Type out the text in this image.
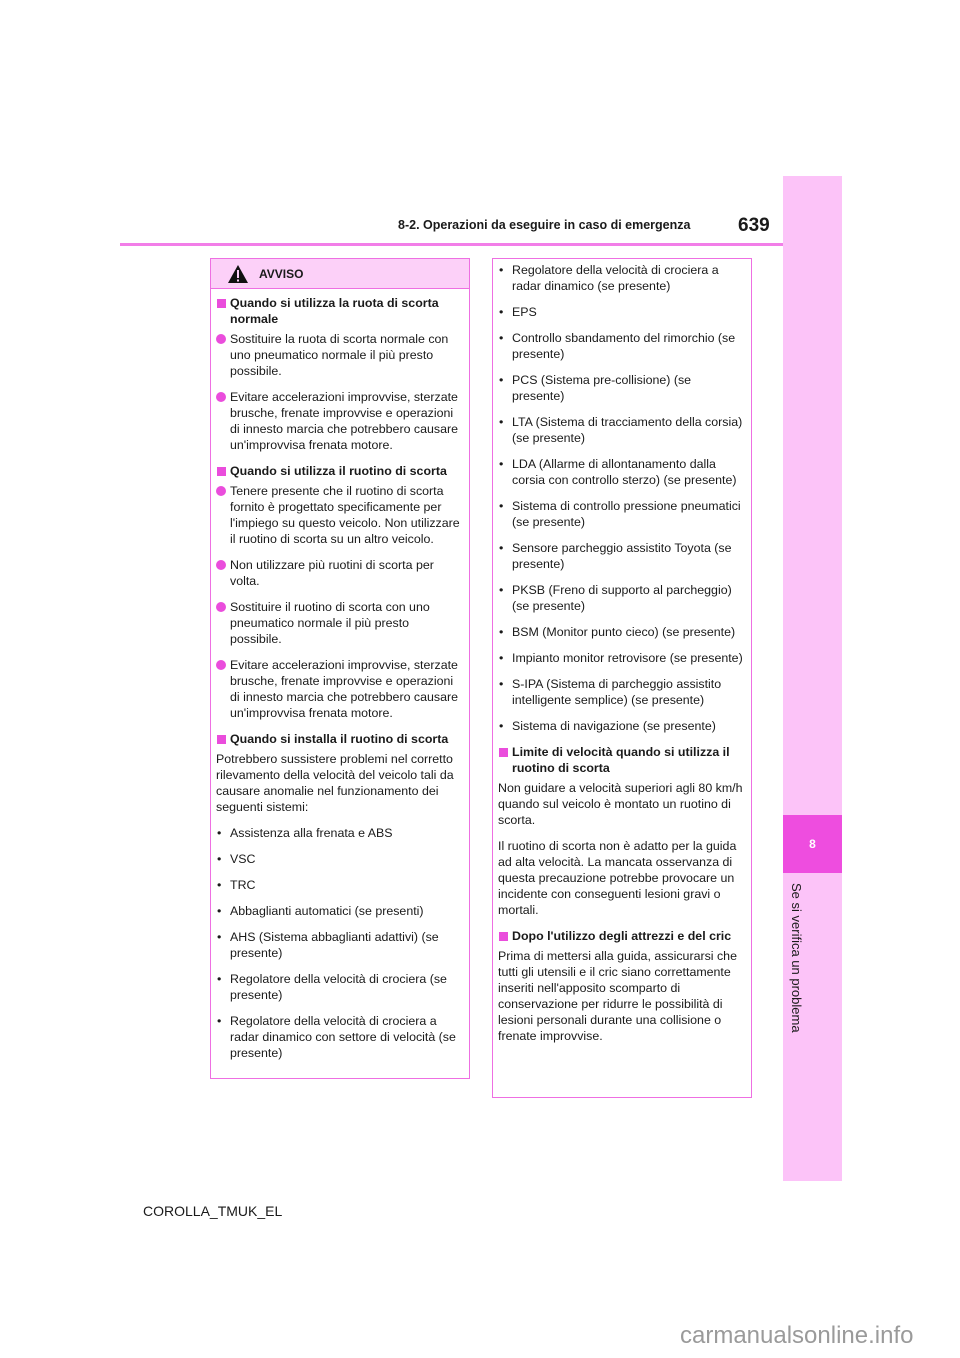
8-2. Operazioni da eseguire in caso di emergenza	639
8
Se si verifica un problema
AVVISO
Quando si utilizza la ruota di scorta normale
Sostituire la ruota di scorta normale con uno pneumatico normale il più presto possibile.
Evitare accelerazioni improvvise, sterzate brusche, frenate improvvise e operazioni di innesto marcia che potrebbero causare un'improvvisa frenata motore.
Quando si utilizza il ruotino di scorta
Tenere presente che il ruotino di scorta fornito è progettato specificamente per l'impiego su questo veicolo. Non utilizzare il ruotino di scorta su un altro veicolo.
Non utilizzare più ruotini di scorta per volta.
Sostituire il ruotino di scorta con uno pneumatico normale il più presto possibile.
Evitare accelerazioni improvvise, sterzate brusche, frenate improvvise e operazioni di innesto marcia che potrebbero causare un'improvvisa frenata motore.
Quando si installa il ruotino di scorta
Potrebbero sussistere problemi nel corretto rilevamento della velocità del veicolo tali da causare anomalie nel funzionamento dei seguenti sistemi:
• Assistenza alla frenata e ABS
• VSC
• TRC
• Abbaglianti automatici (se presenti)
• AHS (Sistema abbaglianti adattivi) (se presente)
• Regolatore della velocità di crociera (se presente)
• Regolatore della velocità di crociera a radar dinamico con settore di velocità (se presente)
• Regolatore della velocità di crociera a radar dinamico (se presente)
• EPS
• Controllo sbandamento del rimorchio (se presente)
• PCS (Sistema pre-collisione) (se presente)
• LTA (Sistema di tracciamento della corsia) (se presente)
• LDA (Allarme di allontanamento dalla corsia con controllo sterzo) (se presente)
• Sistema di controllo pressione pneumatici (se presente)
• Sensore parcheggio assistito Toyota (se presente)
• PKSB (Freno di supporto al parcheggio) (se presente)
• BSM (Monitor punto cieco) (se presente)
• Impianto monitor retrovisore (se presente)
• S-IPA (Sistema di parcheggio assistito intelligente semplice) (se presente)
• Sistema di navigazione (se presente)
Limite di velocità quando si utilizza il ruotino di scorta
Non guidare a velocità superiori agli 80 km/h quando sul veicolo è montato un ruotino di scorta.
Il ruotino di scorta non è adatto per la guida ad alta velocità. La mancata osservanza di questa precauzione potrebbe provocare un incidente con conseguenti lesioni gravi o mortali.
Dopo l'utilizzo degli attrezzi e del cric
Prima di mettersi alla guida, assicurarsi che tutti gli utensili e il cric siano correttamente inseriti nell'apposito scomparto di conservazione per ridurre le possibilità di lesioni personali durante una collisione o frenate improvvise.
COROLLA_TMUK_EL
carmanualsonline.info
